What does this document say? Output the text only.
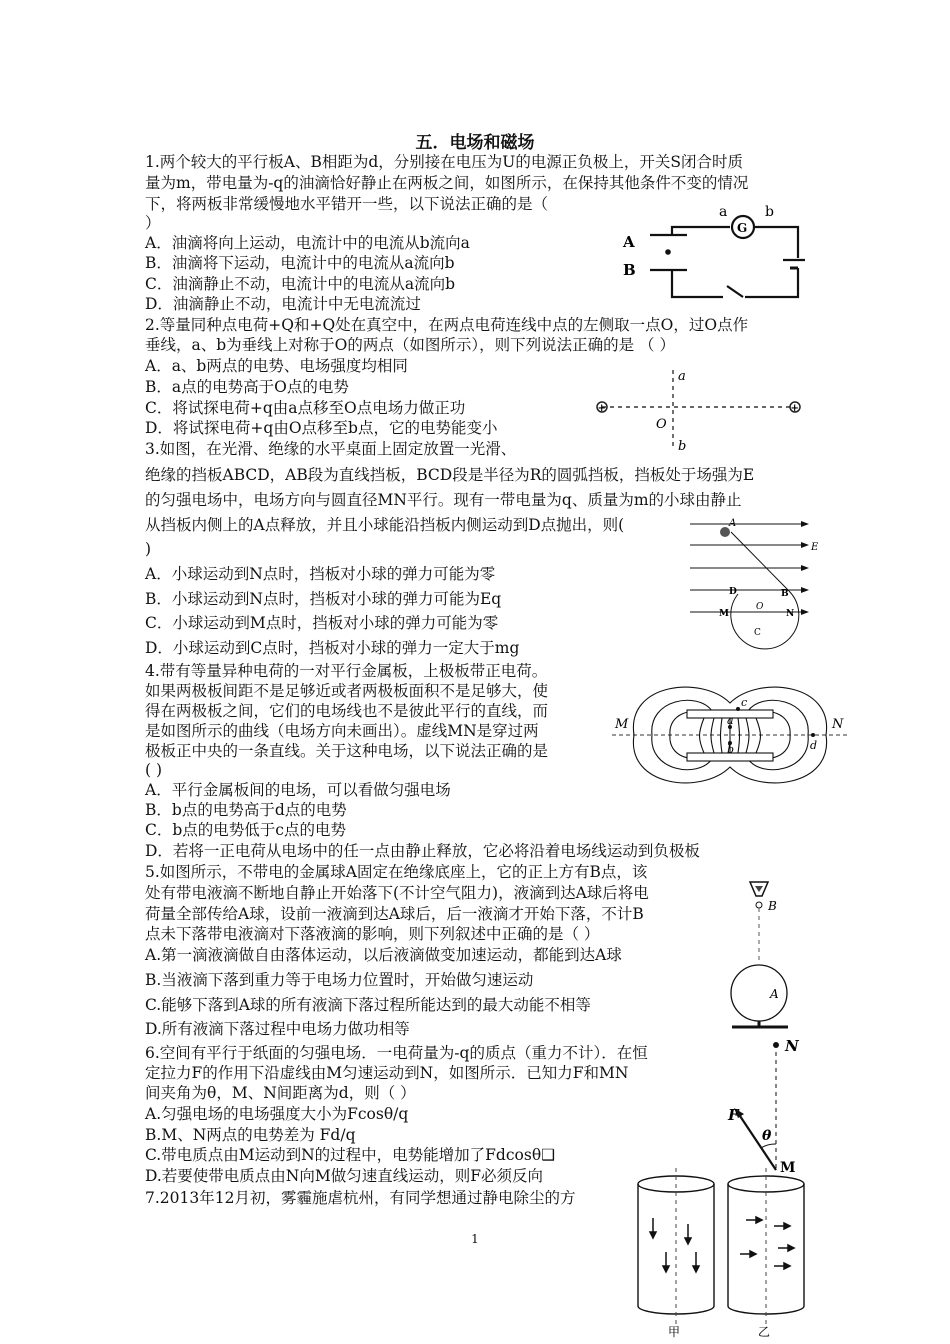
五．电场和磁场
1.两个较大的平行板A、B相距为d，分别接在电压为U的电源正负极上，开关S闭合时质
量为m，带电量为-q的油滴恰好静止在两板之间，如图所示，在保持其他条件不变的情况
下，将两板非常缓慢地水平错开一些，以下说法正确的是（
）
A．油滴将向上运动，电流计中的电流从b流向a
B．油滴将下运动，电流计中的电流从a流向b
C．油滴静止不动，电流计中的电流从a流向b
D．油滴静止不动，电流计中无电流流过
2.等量同种点电荷+Q和+Q处在真空中，在两点电荷连线中点的左侧取一点O，过O点作
垂线，a、b为垂线上对称于O的两点（如图所示），则下列说法正确的是 （ ）
A．a、b两点的电势、电场强度均相同
B．a点的电势高于O点的电势
C．将试探电荷+q由a点移至O点电场力做正功
D．将试探电荷+q由O点移至b点，它的电势能变小
3.如图，在光滑、绝缘的水平桌面上固定放置一光滑、
绝缘的挡板ABCD，AB段为直线挡板，BCD段是半径为R的圆弧挡板，挡板处于场强为E
的匀强电场中，电场方向与圆直径MN平行。现有一带电量为q、质量为m的小球由静止
从挡板内侧上的A点释放，并且小球能沿挡板内侧运动到D点抛出，则(
)
A．小球运动到N点时，挡板对小球的弹力可能为零
B．小球运动到N点时，挡板对小球的弹力可能为Eq
C．小球运动到M点时，挡板对小球的弹力可能为零
D．小球运动到C点时，挡板对小球的弹力一定大于mg
4.带有等量异种电荷的一对平行金属板，上极板带正电荷。
如果两极板间距不是足够近或者两极板面积不是足够大，使
得在两极板之间，它们的电场线也不是彼此平行的直线，而
是如图所示的曲线（电场方向未画出）。虚线MN是穿过两
极板正中央的一条直线。关于这种电场，以下说法正确的是
( )
A．平行金属板间的电场，可以看做匀强电场
B．b点的电势高于d点的电势
C．b点的电势低于c点的电势
D．若将一正电荷从电场中的任一点由静止释放，它必将沿着电场线运动到负极板
5.如图所示，不带电的金属球A固定在绝缘底座上，它的正上方有B点，该
处有带电液滴不断地自静止开始落下(不计空气阻力)，液滴到达A球后将电
荷量全部传给A球，设前一液滴到达A球后，后一液滴才开始下落，不计B
点未下落带电液滴对下落液滴的影响，则下列叙述中正确的是（ ）
A.第一滴液滴做自由落体运动，以后液滴做变加速运动，都能到达A球
B.当液滴下落到重力等于电场力位置时，开始做匀速运动
C.能够下落到A球的所有液滴下落过程所能达到的最大动能不相等
D.所有液滴下落过程中电场力做功相等
6.空间有平行于纸面的匀强电场．一电荷量为-q的质点（重力不计）．在恒
定拉力F的作用下沿虚线由M匀速运动到N，如图所示．已知力F和MN
间夹角为θ，M、N间距离为d，则（ ）
A.匀强电场的电场强度大小为Fcosθ/q
B.M、N两点的电势差为 Fd/q
C.带电质点由M运动到N的过程中，电势能增加了Fdcosθ❑
D.若要使带电质点由N向M做匀速直线运动，则F必须反向
7.2013年12月初，雾霾施虐杭州，有同学想通过静电除尘的方
1
A
B
a	b
G
+	+
a
O
b
A
E
D	B
M
O
N
C
M	N
c
a
b	d
B
A
N
F
θ
M
甲	乙
